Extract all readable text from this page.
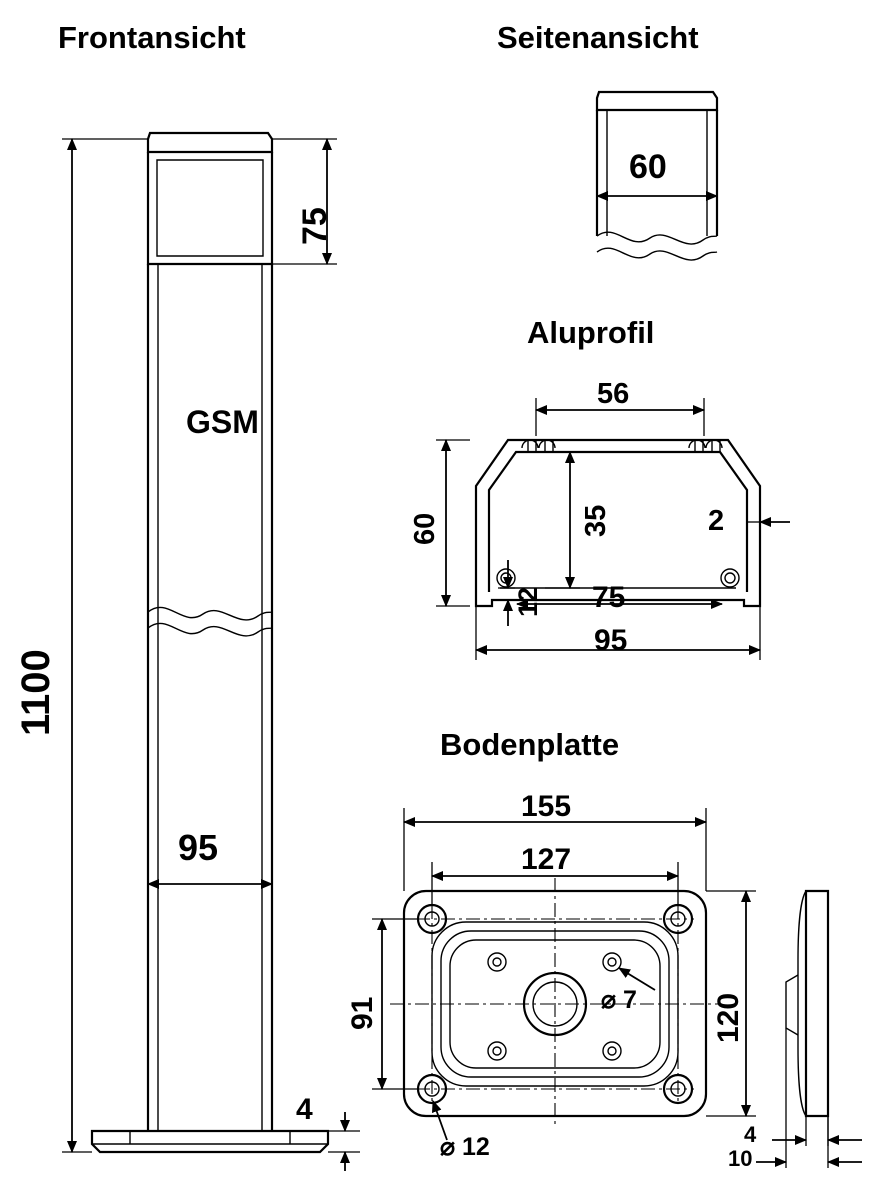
Frontansicht	Seitenansicht
Aluprofil
Bodenplatte
1100
75
95
4
GSM
60
56
60	35	2
12 75
95
155
127
91	120
⌀ 7
⌀ 12	4
10
